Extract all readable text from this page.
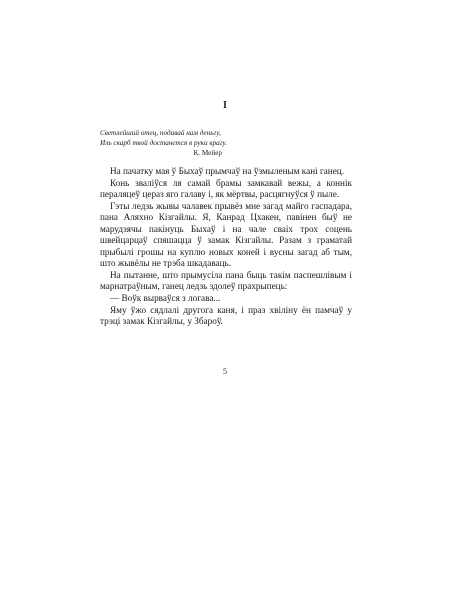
I
Светлейший отец, подавай нам деньгу,
Иль скарб твой достанется в руки врагу.
К. Мейер

На пачатку мая ў Быхаў прымчаў на ўзмыленым кані ганец.

Конь зваліўся ля самай брамы замкавай вежы, а коннік пераляцеў цераз яго галаву і, як мёртвы, расцягнуўся ў пыле.

Гэты ледзь жывы чалавек прывёз мне загад майго гаспадара, пана Аляхно Кізгайлы. Я, Канрад Цхакен, павінен быў не марудзячы пакінуць Быхаў і на чале сваіх трох соцень швейцарцаў спяшацца ў замак Кізгайлы. Разам з граматай прыбылі грошы на куплю новых коней і вусны загад аб тым, што жывёлы не трэба шкадаваць.

На пытанне, што прымусіла пана быць такім паспешлівым і марнатраўным, ганец ледзь здолеў прахрыпець:

— Воўк вырваўся з логава...

Яму ўжо сядлалі другога каня, і праз хвіліну ён памчаў у трэці замак Кізгайлы, у Збароў.

5
